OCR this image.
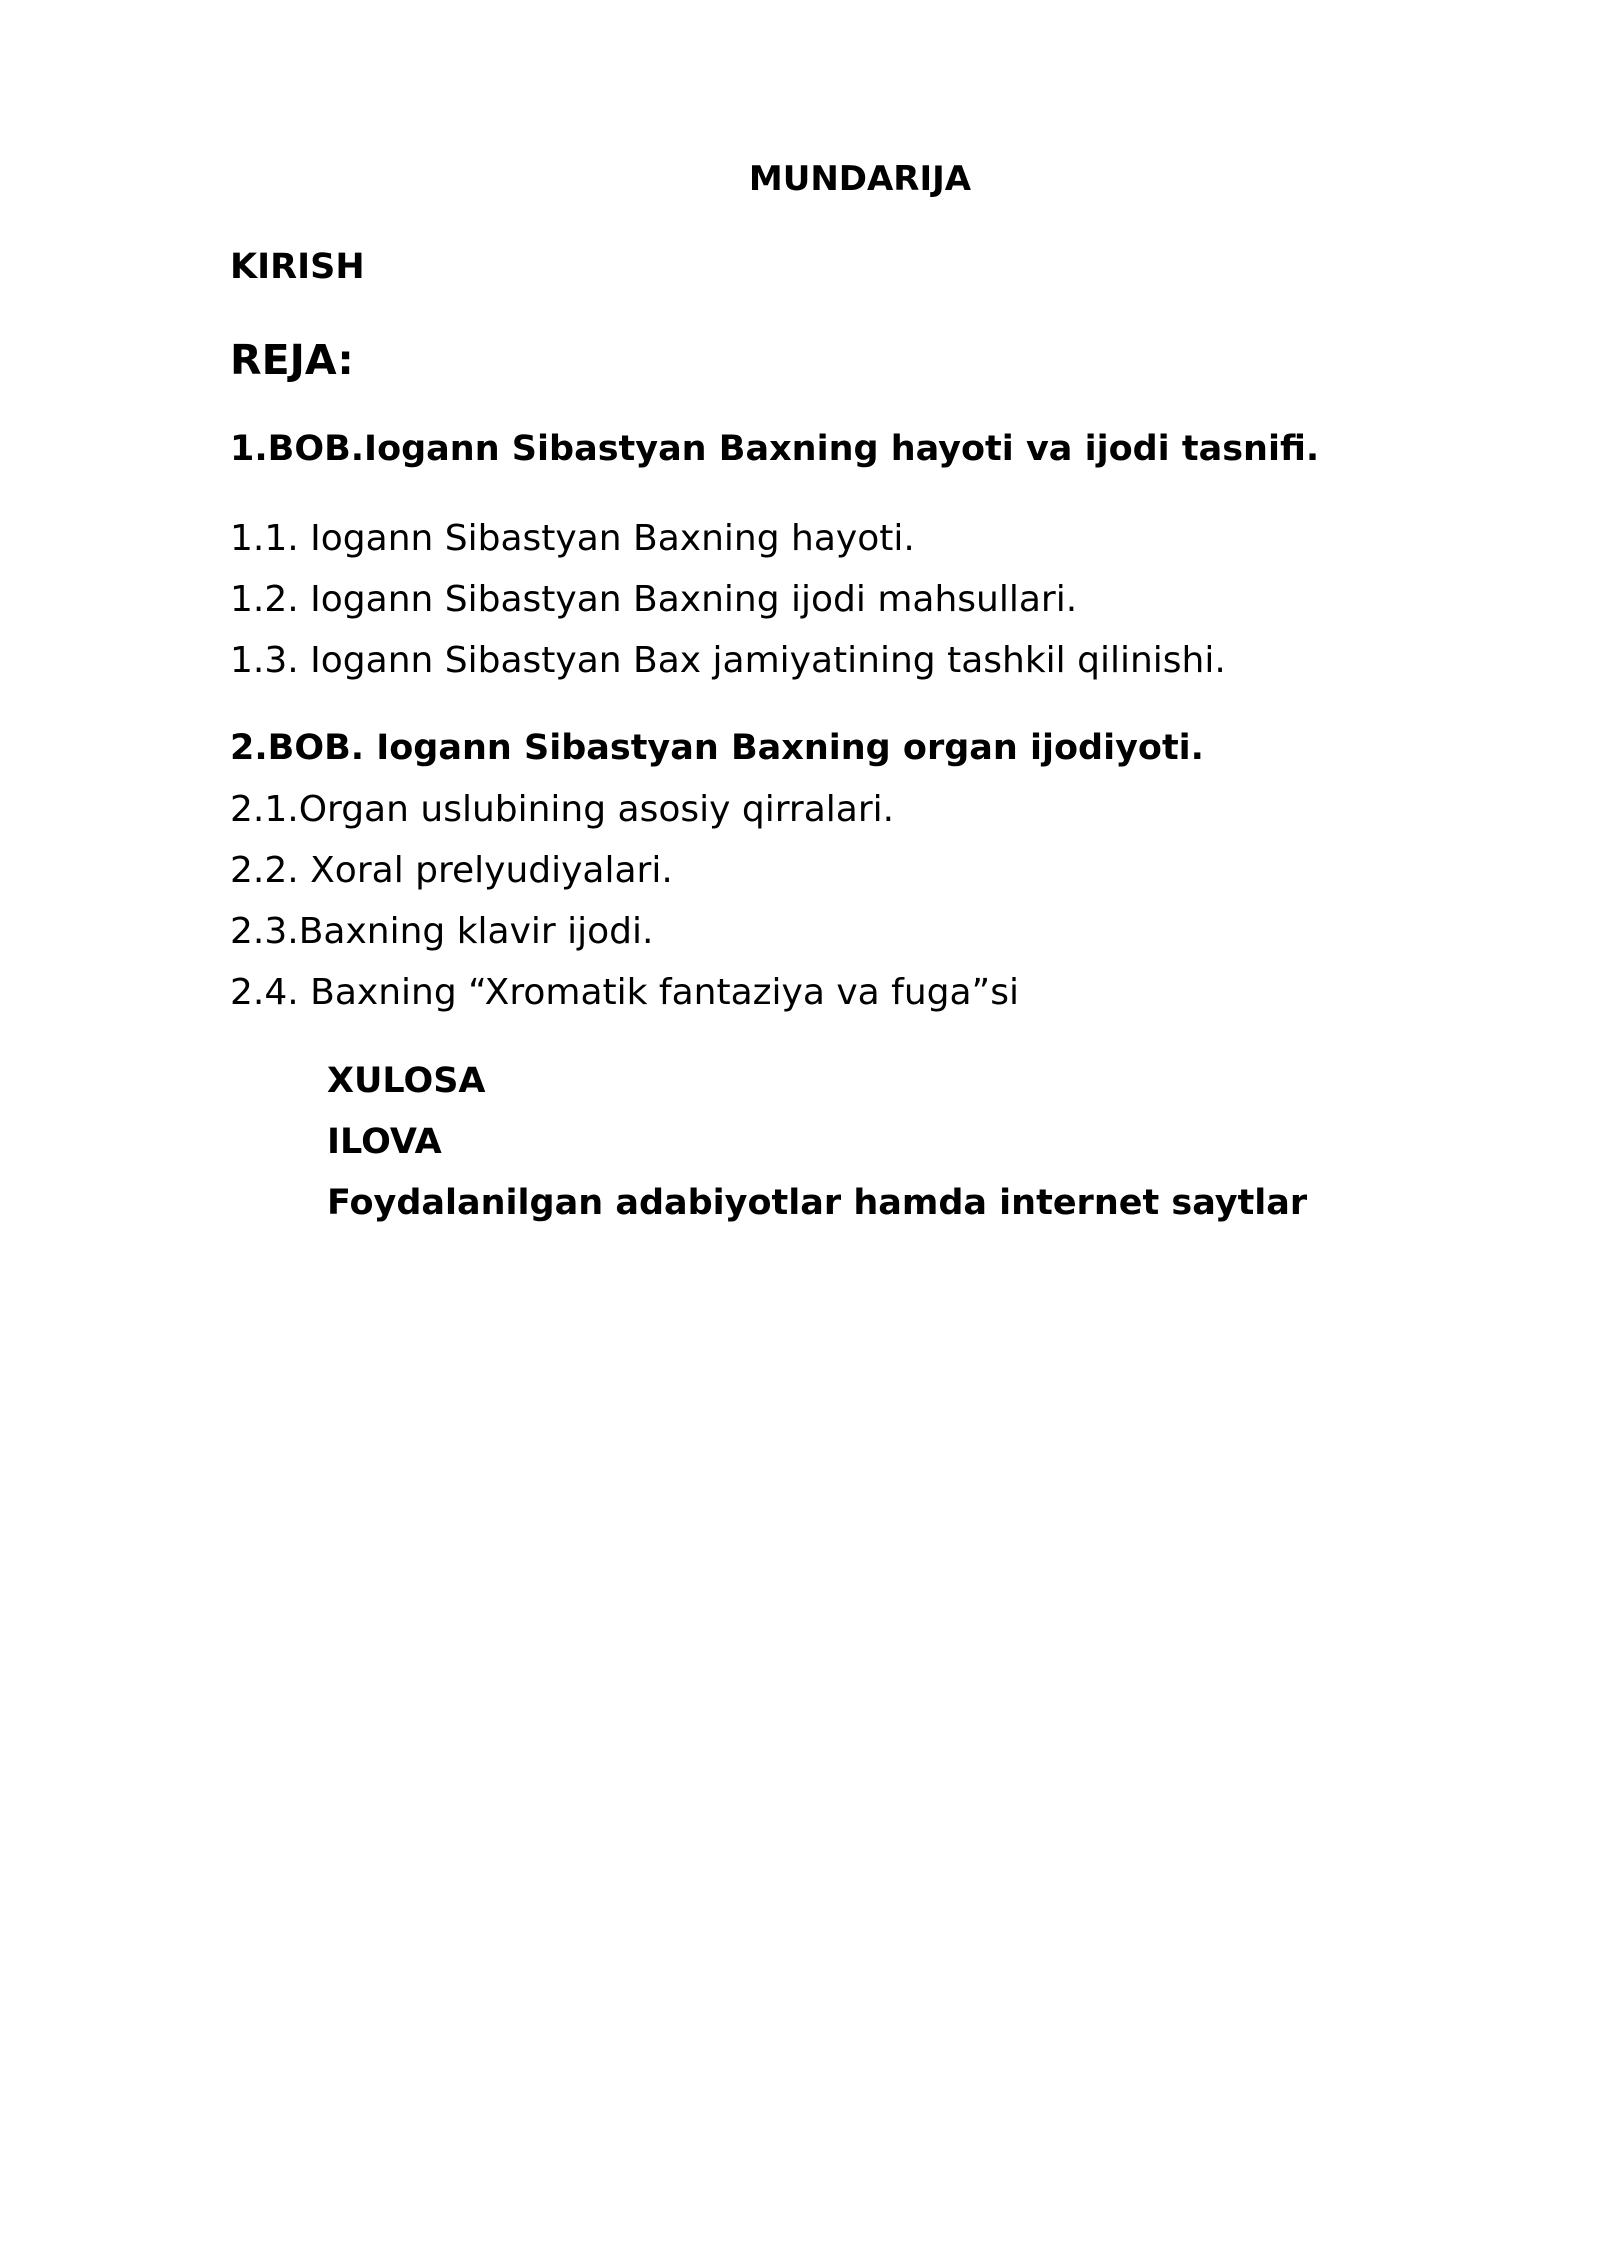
MUNDARIJA
KIRISH
REJA:
1.BOB.Iogann Sibastyan Baxning hayoti va ijodi tasnifi.
1.1. Iogann Sibastyan Baxning hayoti.
1.2. Iogann Sibastyan Baxning ijodi mahsullari.
1.3. Iogann Sibastyan Bax jamiyatining tashkil qilinishi.
2.BOB. Iogann Sibastyan Baxning organ ijodiyoti.
2.1.Organ uslubining asosiy qirralari.
2.2. Xoral prelyudiyalari.
2.3.Baxning klavir ijodi.
2.4. Baxning “Xromatik fantaziya va fuga”si
XULOSA
ILOVA
Foydalanilgan adabiyotlar hamda internet saytlar
